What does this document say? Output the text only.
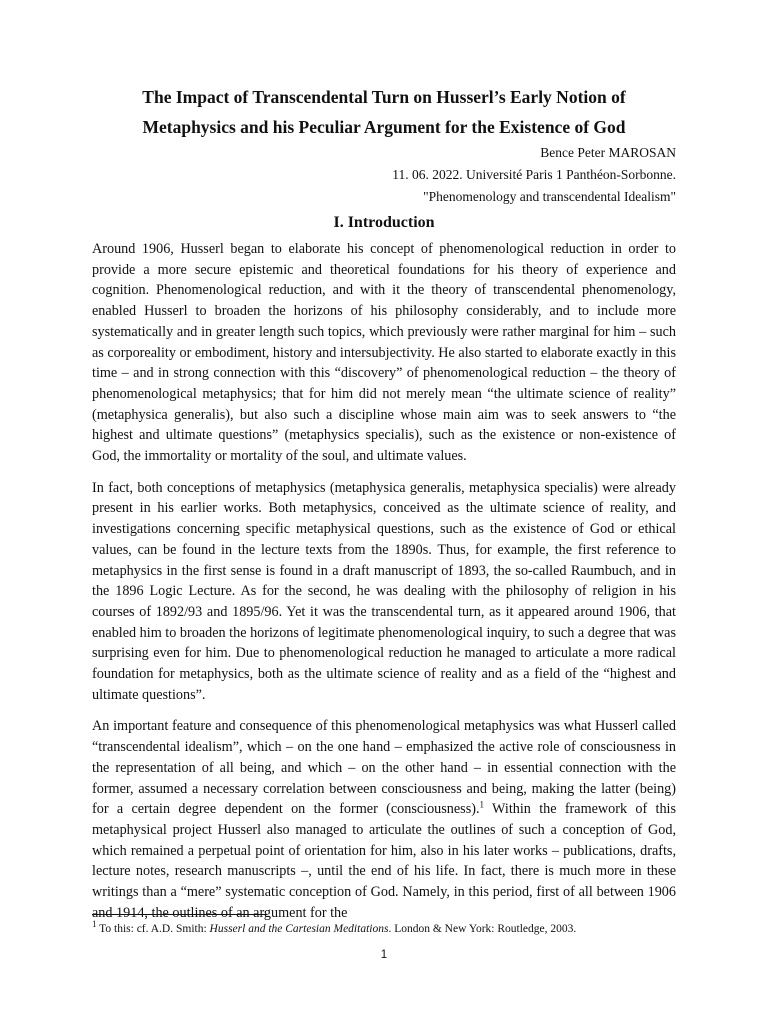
The Impact of Transcendental Turn on Husserl’s Early Notion of
Metaphysics and his Peculiar Argument for the Existence of God

Bence Peter MAROSAN

11. 06. 2022. Université Paris 1 Panthéon-Sorbonne.

"Phenomenology and transcendental Idealism"

I. Introduction

Around 1906, Husserl began to elaborate his concept of phenomenological reduction in order to provide a more secure epistemic and theoretical foundations for his theory of experience and cognition. Phenomenological reduction, and with it the theory of transcendental phenomenology, enabled Husserl to broaden the horizons of his philosophy considerably, and to include more systematically and in greater length such topics, which previously were rather marginal for him – such as corporeality or embodiment, history and intersubjectivity. He also started to elaborate exactly in this time – and in strong connection with this “discovery” of phenomenological reduction – the theory of phenomenological metaphysics; that for him did not merely mean “the ultimate science of reality” (metaphysica generalis), but also such a discipline whose main aim was to seek answers to “the highest and ultimate questions” (metaphysics specialis), such as the existence or non-existence of God, the immortality or mortality of the soul, and ultimate values.

In fact, both conceptions of metaphysics (metaphysica generalis, metaphysica specialis) were already present in his earlier works. Both metaphysics, conceived as the ultimate science of reality, and investigations concerning specific metaphysical questions, such as the existence of God or ethical values, can be found in the lecture texts from the 1890s. Thus, for example, the first reference to metaphysics in the first sense is found in a draft manuscript of 1893, the so-called Raumbuch, and in the 1896 Logic Lecture. As for the second, he was dealing with the philosophy of religion in his courses of 1892/93 and 1895/96. Yet it was the transcendental turn, as it appeared around 1906, that enabled him to broaden the horizons of legitimate phenomenological inquiry, to such a degree that was surprising even for him. Due to phenomenological reduction he managed to articulate a more radical foundation for metaphysics, both as the ultimate science of reality and as a field of the “highest and ultimate questions”.

An important feature and consequence of this phenomenological metaphysics was what Husserl called “transcendental idealism”, which – on the one hand – emphasized the active role of consciousness in the representation of all being, and which – on the other hand – in essential connection with the former, assumed a necessary correlation between consciousness and being, making the latter (being) for a certain degree dependent on the former (consciousness).$^1$ Within the framework of this metaphysical project Husserl also managed to articulate the outlines of such a conception of God, which remained a perpetual point of orientation for him, also in his later works – publications, drafts, lecture notes, research manuscripts –, until the end of his life. In fact, there is much more in these writings than a “mere” systematic conception of God. Namely, in this period, first of all between 1906 and 1914, the outlines of an argument for the

$^1$ To this: cf. A.D. Smith: Husserl and the Cartesian Meditations. London & New York: Routledge, 2003.

1
